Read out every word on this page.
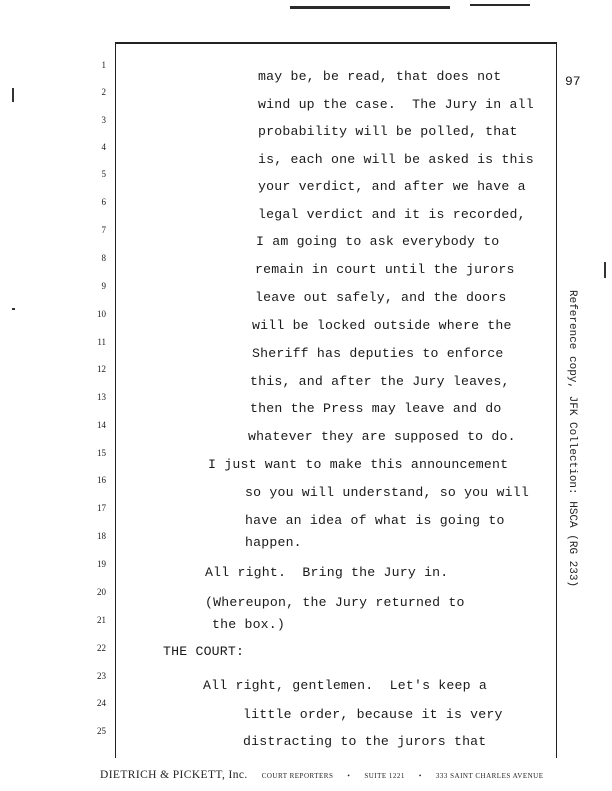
97
1
2
3
4
5
6
7
8
9
10
11
12
13
14
15
16
17
18
19
20
21
22
23
24
25
may be, be read, that does not
wind up the case.  The Jury in all
probability will be polled, that
is, each one will be asked is this
your verdict, and after we have a
legal verdict and it is recorded,
I am going to ask everybody to
remain in court until the jurors
leave out safely, and the doors
will be locked outside where the
Sheriff has deputies to enforce
this, and after the Jury leaves,
then the Press may leave and do
whatever they are supposed to do.
I just want to make this announcement
so you will understand, so you will
have an idea of what is going to
happen.
All right.  Bring the Jury in.
(Whereupon, the Jury returned to
the box.)
THE COURT:
All right, gentlemen.  Let's keep a
little order, because it is very
distracting to the jurors that
Reference copy, JFK Collection: HSCA (RG 233)
DIETRICH & PICKETT, Inc. COURT REPORTERS • SUITE 1221 • 333 SAINT CHARLES AVENUE
